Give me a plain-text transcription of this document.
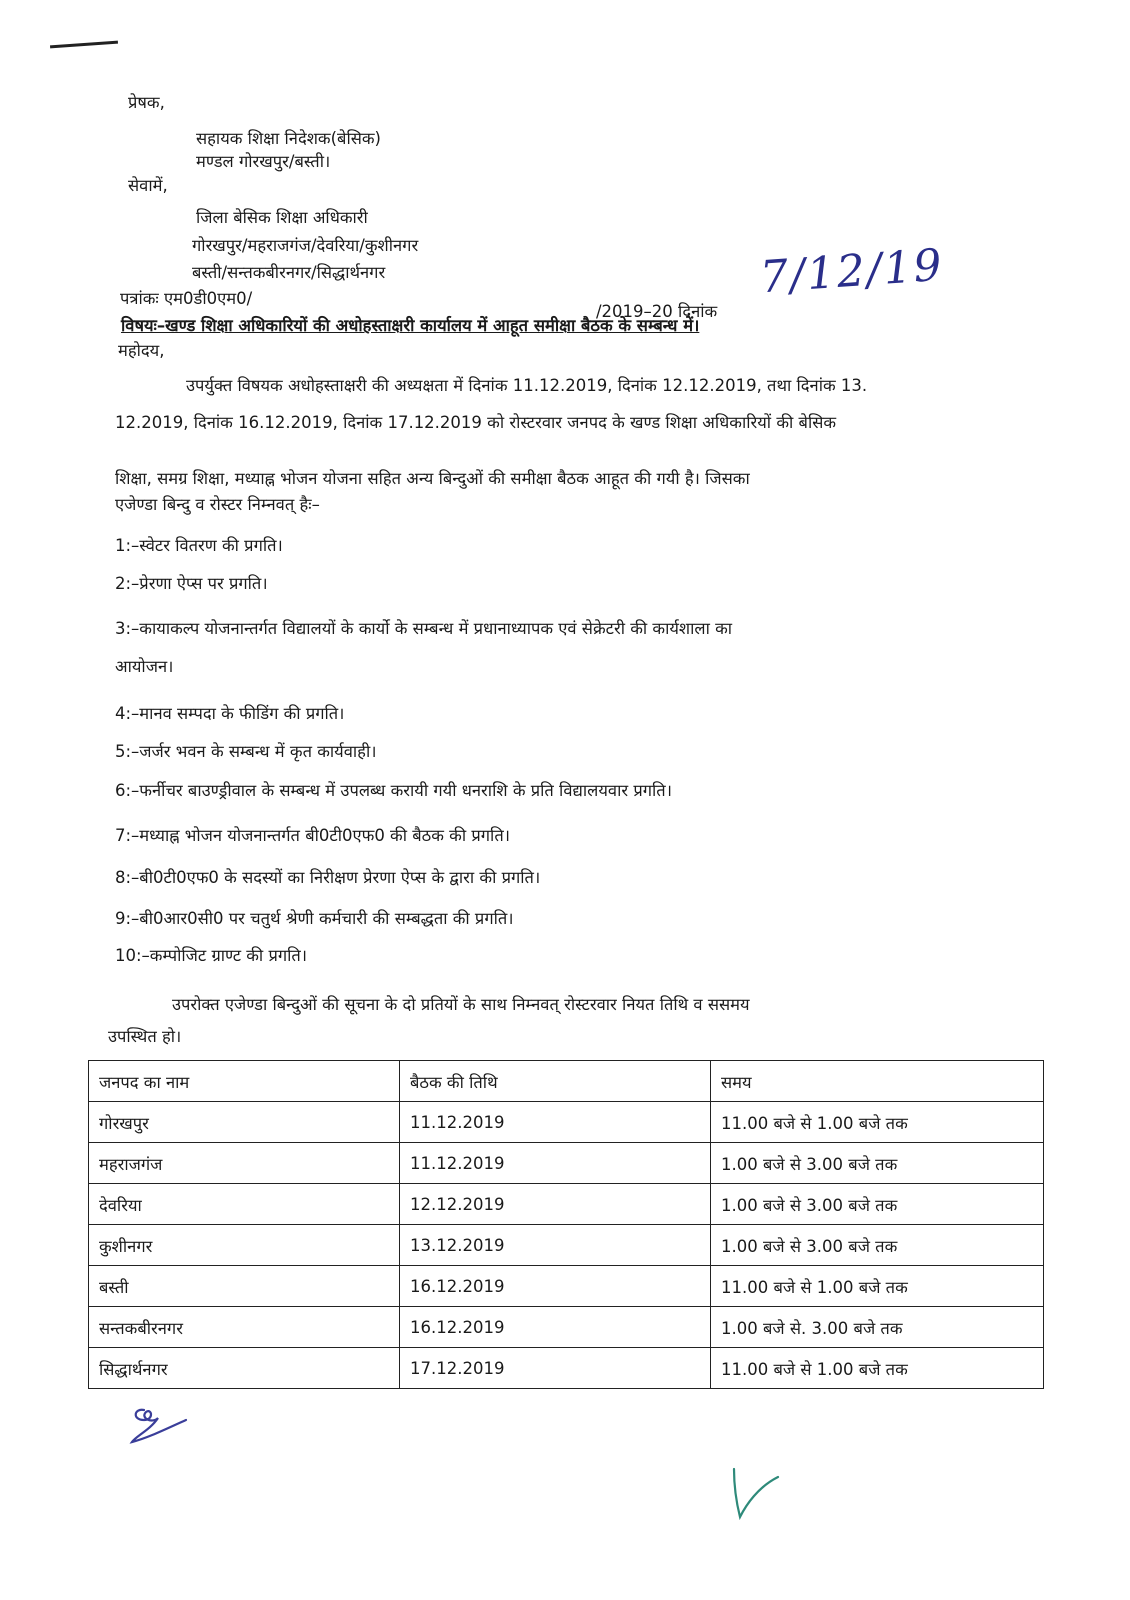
प्रेषक,
सहायक शिक्षा निदेशक(बेसिक)
मण्डल गोरखपुर/बस्ती।
सेवामें,
जिला बेसिक शिक्षा अधिकारी
गोरखपुर/महराजगंज/देवरिया/कुशीनगर
बस्ती/सन्तकबीरनगर/सिद्धार्थनगर
पत्रांकः एम0डी0एम0/
/2019–20 दिनांक
7/12/19
विषयः–खण्ड शिक्षा अधिकारियों की अधोहस्ताक्षरी कार्यालय में आहूत समीक्षा बैठक के सम्बन्ध में।
महोदय,
उपर्युक्त विषयक अधोहस्ताक्षरी की अध्यक्षता में दिनांक 11.12.2019, दिनांक 12.12.2019, तथा दिनांक 13.
12.2019, दिनांक 16.12.2019, दिनांक 17.12.2019 को रोस्टरवार जनपद के खण्ड शिक्षा अधिकारियों की बेसिक
शिक्षा, समग्र शिक्षा, मध्याह्न भोजन योजना सहित अन्य बिन्दुओं की समीक्षा बैठक आहूत की गयी है। जिसका
एजेण्डा बिन्दु व रोस्टर निम्नवत् हैः–
1:–स्वेटर वितरण की प्रगति।
2:–प्रेरणा ऐप्स पर प्रगति।
3:–कायाकल्प योजनान्तर्गत विद्यालयों के कार्यो के सम्बन्ध में प्रधानाध्यापक एवं सेक्रेटरी की कार्यशाला का
आयोजन।
4:–मानव सम्पदा के फीडिंग की प्रगति।
5:–जर्जर भवन के सम्बन्ध में कृत कार्यवाही।
6:–फर्नीचर बाउण्ड्रीवाल के सम्बन्ध में उपलब्ध करायी गयी धनराशि के प्रति विद्यालयवार प्रगति।
7:–मध्याह्न भोजन योजनान्तर्गत बी0टी0एफ0 की बैठक की प्रगति।
8:–बी0टी0एफ0 के सदस्यों का निरीक्षण प्रेरणा ऐप्स के द्वारा की प्रगति।
9:–बी0आर0सी0 पर चतुर्थ श्रेणी कर्मचारी की सम्बद्धता की प्रगति।
10:–कम्पोजिट ग्राण्ट की प्रगति।
उपरोक्त एजेण्डा बिन्दुओं की सूचना के दो प्रतियों के साथ निम्नवत् रोस्टरवार नियत तिथि व ससमय
उपस्थित हो।
जनपद का नाम	बैठक की तिथि	समय
गोरखपुर	11.12.2019	11.00 बजे से 1.00 बजे तक
महराजगंज	11.12.2019	1.00 बजे से 3.00 बजे तक
देवरिया	12.12.2019	1.00 बजे से 3.00 बजे तक
कुशीनगर	13.12.2019	1.00 बजे से 3.00 बजे तक
बस्ती	16.12.2019	11.00 बजे से 1.00 बजे तक
सन्तकबीरनगर	16.12.2019	1.00 बजे से. 3.00 बजे तक
सिद्धार्थनगर	17.12.2019	11.00 बजे से 1.00 बजे तक
